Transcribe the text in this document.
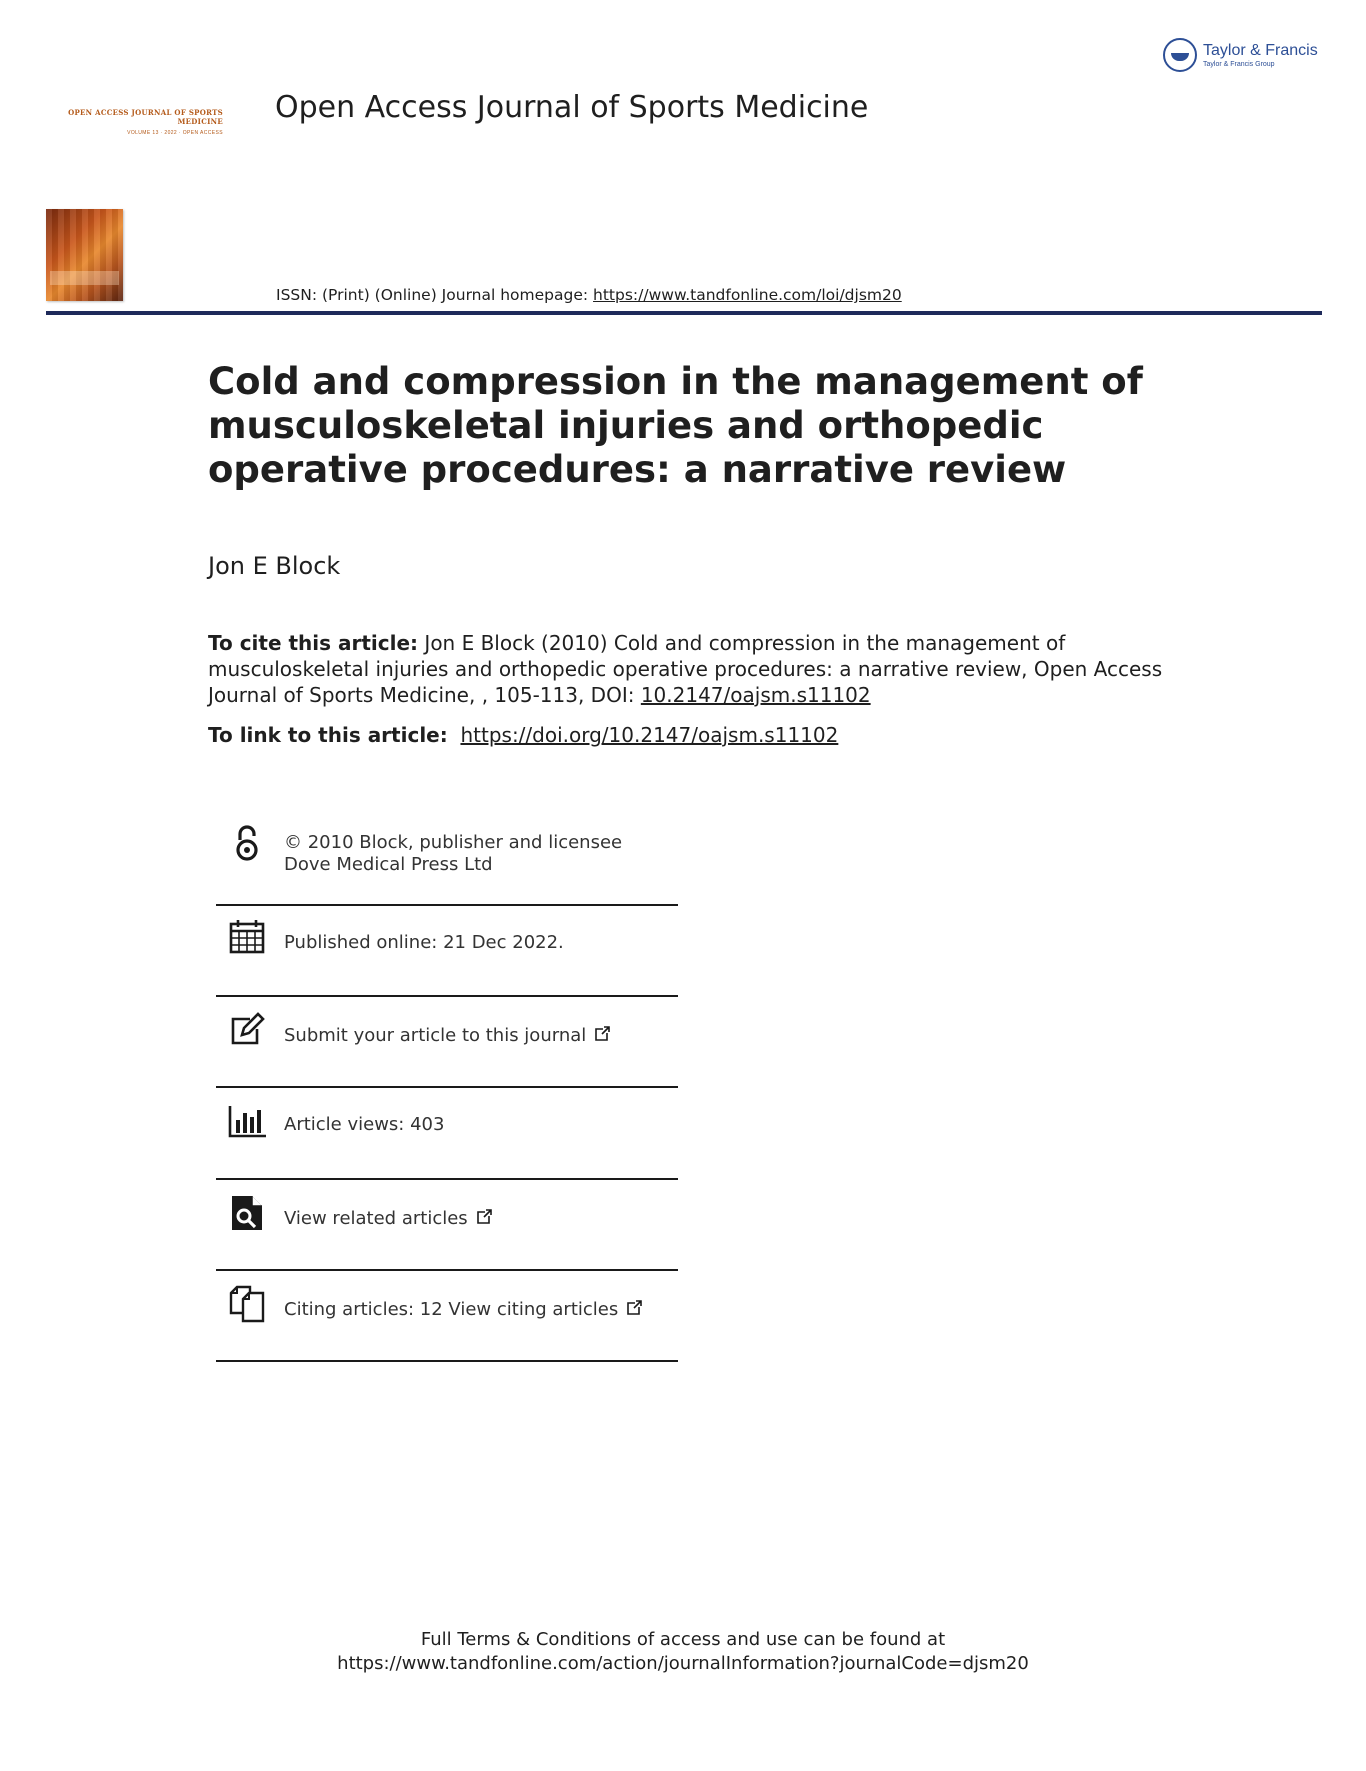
Taylor & Francis
Taylor & Francis Group
OPEN ACCESS JOURNAL OF SPORTS MEDICINE
VOLUME 13 · 2022 · OPEN ACCESS
Open Access Journal of Sports Medicine
ISSN: (Print) (Online) Journal homepage: https://www.tandfonline.com/loi/djsm20
Cold and compression in the management of musculoskeletal injuries and orthopedic operative procedures: a narrative review
Jon E Block
To cite this article: Jon E Block (2010) Cold and compression in the management of musculoskeletal injuries and orthopedic operative procedures: a narrative review, Open Access Journal of Sports Medicine, , 105-113, DOI: 10.2147/oajsm.s11102
To link to this article: https://doi.org/10.2147/oajsm.s11102
© 2010 Block, publisher and licensee Dove Medical Press Ltd
Published online: 21 Dec 2022.
Submit your article to this journal
Article views: 403
View related articles
Citing articles: 12 View citing articles
Full Terms & Conditions of access and use can be found at
https://www.tandfonline.com/action/journalInformation?journalCode=djsm20
